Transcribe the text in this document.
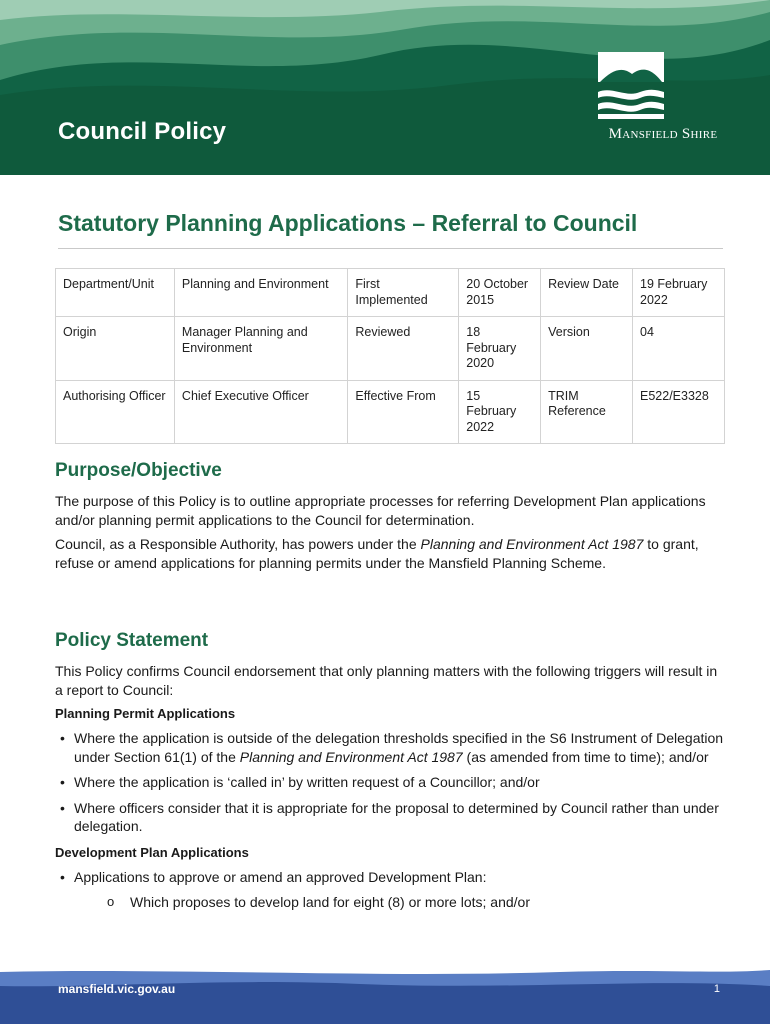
Council Policy	Mansfield Shire
Statutory Planning Applications – Referral to Council
Department/Unit	Planning and Environment	First Implemented	20 October 2015	Review Date	19 February 2022
Origin	Manager Planning and Environment	Reviewed	18 February 2020	Version	04
Authorising Officer	Chief Executive Officer	Effective From	15 February 2022	TRIM Reference	E522/E3328
Purpose/Objective

The purpose of this Policy is to outline appropriate processes for referring Development Plan applications and/or planning permit applications to the Council for determination.

Council, as a Responsible Authority, has powers under the Planning and Environment Act 1987 to grant, refuse or amend applications for planning permits under the Mansfield Planning Scheme.

Policy Statement

This Policy confirms Council endorsement that only planning matters with the following triggers will result in a report to Council:

Planning Permit Applications
• Where the application is outside of the delegation thresholds specified in the S6 Instrument of Delegation under Section 61(1) of the Planning and Environment Act 1987 (as amended from time to time); and/or
• Where the application is ‘called in’ by written request of a Councillor; and/or
• Where officers consider that it is appropriate for the proposal to determined by Council rather than under delegation.
Development Plan Applications
• Applications to approve or amend an approved Development Plan:
o Which proposes to develop land for eight (8) or more lots; and/or
mansfield.vic.gov.au	1
